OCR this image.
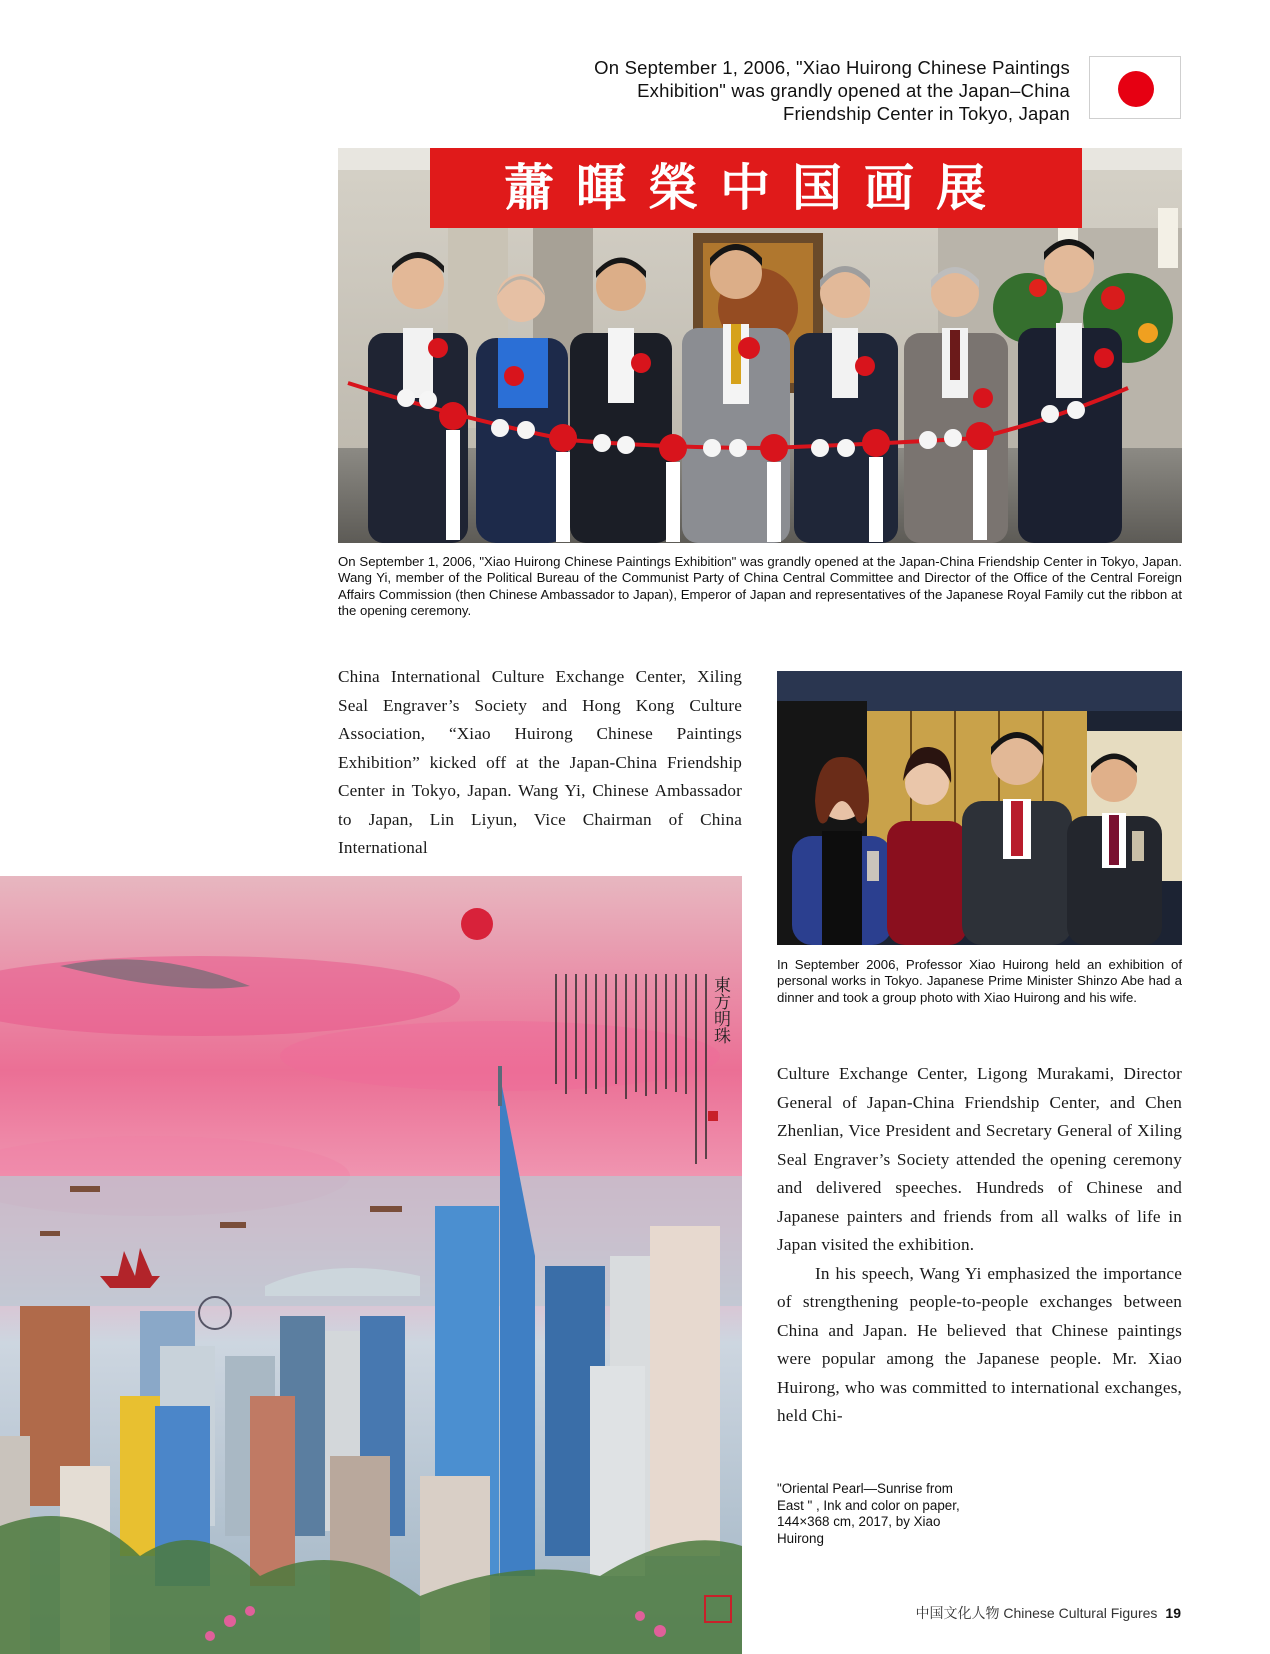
On September 1, 2006, "Xiao Huirong Chinese Paintings
Exhibition" was grandly opened at the Japan–China
Friendship Center in Tokyo, Japan
蕭暉榮中国画展
On September 1, 2006, "Xiao Huirong Chinese Paintings Exhibition" was grandly opened at the Japan-China Friendship Center in Tokyo, Japan. Wang Yi, member of the Political Bureau of the Communist Party of China Central Committee and Director of the Office of the Central Foreign Affairs Commission (then Chinese Ambassador to Japan), Emperor of Japan and representatives of the Japanese Royal Family cut the ribbon at the opening ceremony.

China International Culture Exchange Center, Xiling Seal Engraver’s Society and Hong Kong Culture Association, “Xiao Huirong Chinese Paintings Exhibition” kicked off at the Japan-China Friendship Center in Tokyo, Japan. Wang Yi, Chinese Ambassador to Japan, Lin Liyun, Vice Chairman of China International

In September 2006, Professor Xiao Huirong held an exhibition of personal works in Tokyo. Japanese Prime Minister Shinzo Abe had a dinner and took a group photo with Xiao Huirong and his wife.

Culture Exchange Center, Ligong Murakami, Director General of Japan-China Friendship Center, and Chen Zhenlian, Vice President and Secretary General of Xiling Seal Engraver’s Society attended the opening ceremony and delivered speeches. Hundreds of Chinese and Japanese painters and friends from all walks of life in Japan visited the exhibition.

In his speech, Wang Yi emphasized the importance of strengthening people-to-people exchanges between China and Japan. He believed that Chinese paintings were popular among the Japanese people. Mr. Xiao Huirong, who was committed to international exchanges, held Chi-

東方明珠
"Oriental Pearl—Sunrise from East " , Ink and color on paper, 144×368 cm, 2017, by Xiao Huirong
中国文化人物 Chinese Cultural Figures 19
